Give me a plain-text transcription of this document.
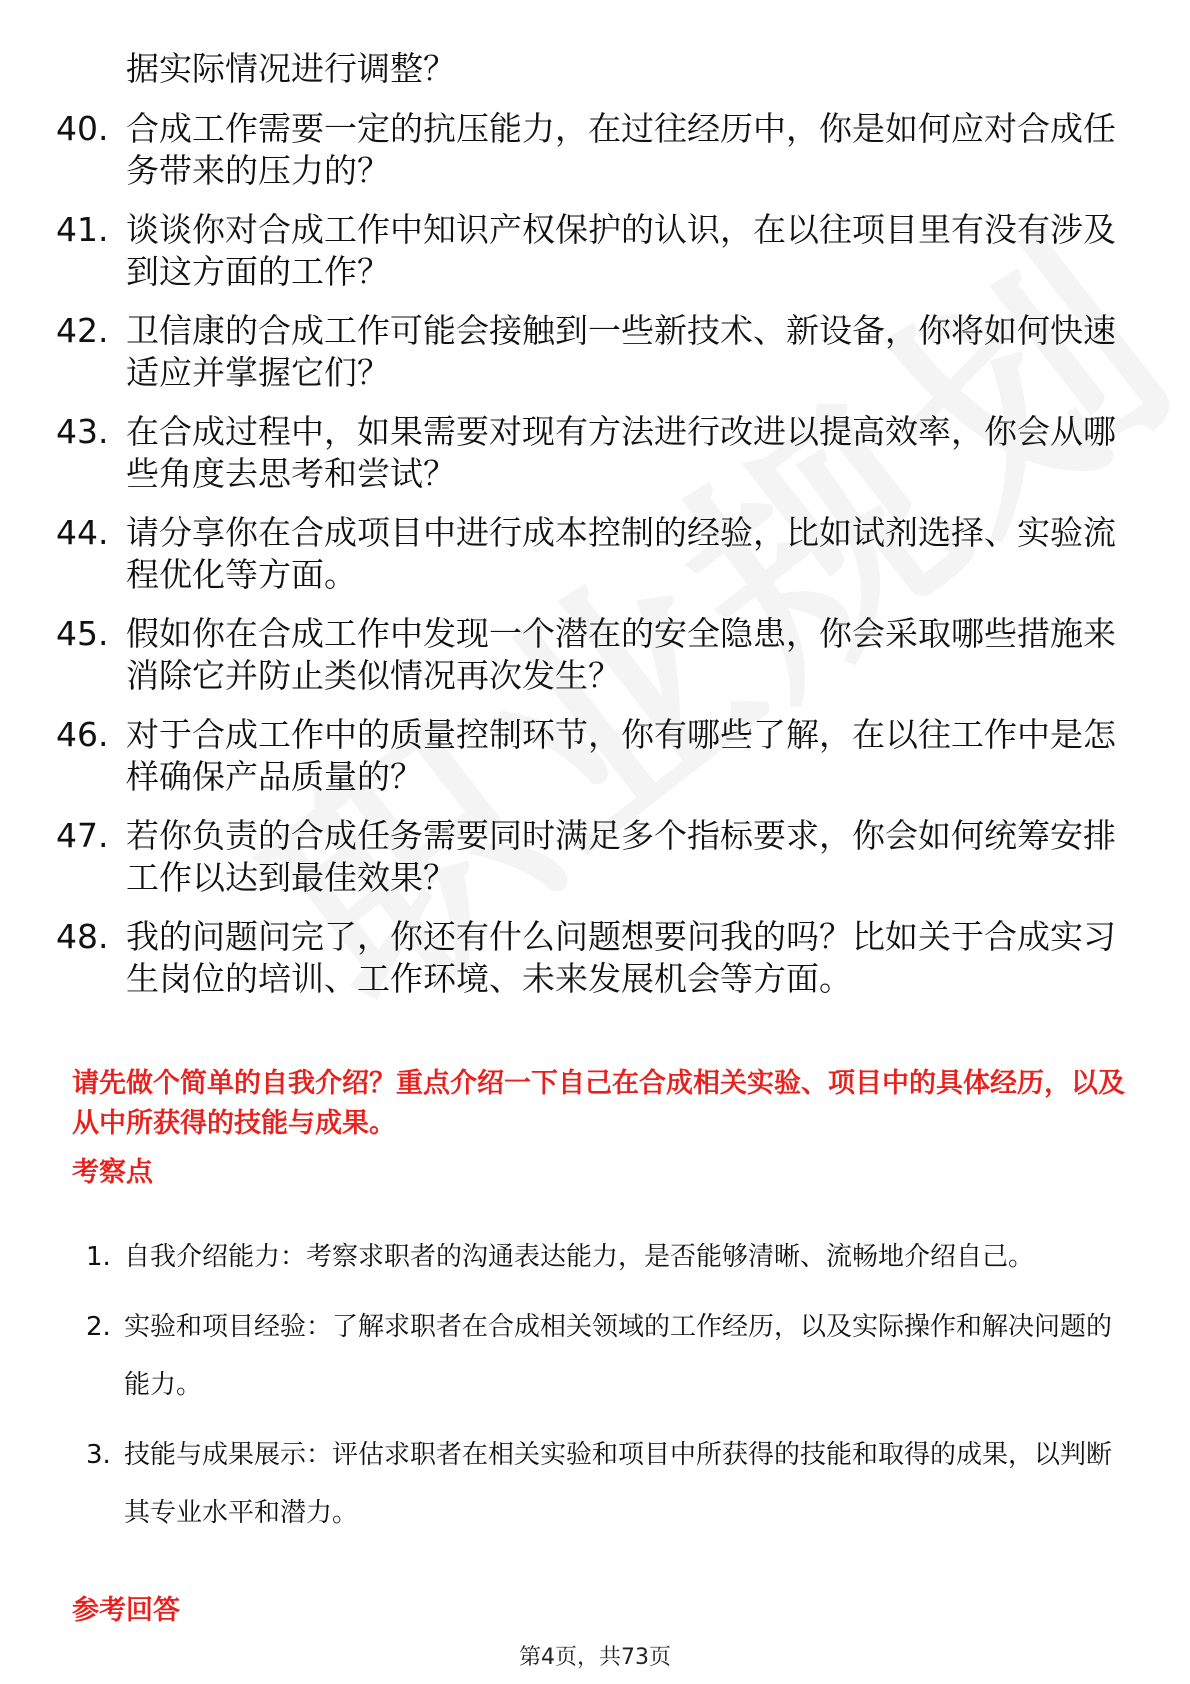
据实际情况进行调整？
40. 合成工作需要一定的抗压能力，在过往经历中，你是如何应对合成任务带来的压力的？
41. 谈谈你对合成工作中知识产权保护的认识，在以往项目里有没有涉及到这方面的工作？
42. 卫信康的合成工作可能会接触到一些新技术、新设备，你将如何快速适应并掌握它们？
43. 在合成过程中，如果需要对现有方法进行改进以提高效率，你会从哪些角度去思考和尝试？
44. 请分享你在合成项目中进行成本控制的经验，比如试剂选择、实验流程优化等方面。
45. 假如你在合成工作中发现一个潜在的安全隐患，你会采取哪些措施来消除它并防止类似情况再次发生？
46. 对于合成工作中的质量控制环节，你有哪些了解，在以往工作中是怎样确保产品质量的？
47. 若你负责的合成任务需要同时满足多个指标要求，你会如何统筹安排工作以达到最佳效果？
48. 我的问题问完了，你还有什么问题想要问我的吗？比如关于合成实习生岗位的培训、工作环境、未来发展机会等方面。
请先做个简单的自我介绍？重点介绍一下自己在合成相关实验、项目中的具体经历，以及从中所获得的技能与成果。
考察点
1. 自我介绍能力：考察求职者的沟通表达能力，是否能够清晰、流畅地介绍自己。
2. 实验和项目经验：了解求职者在合成相关领域的工作经历，以及实际操作和解决问题的能力。
3. 技能与成果展示：评估求职者在相关实验和项目中所获得的技能和取得的成果，以判断其专业水平和潜力。
参考回答
第4页，共73页
